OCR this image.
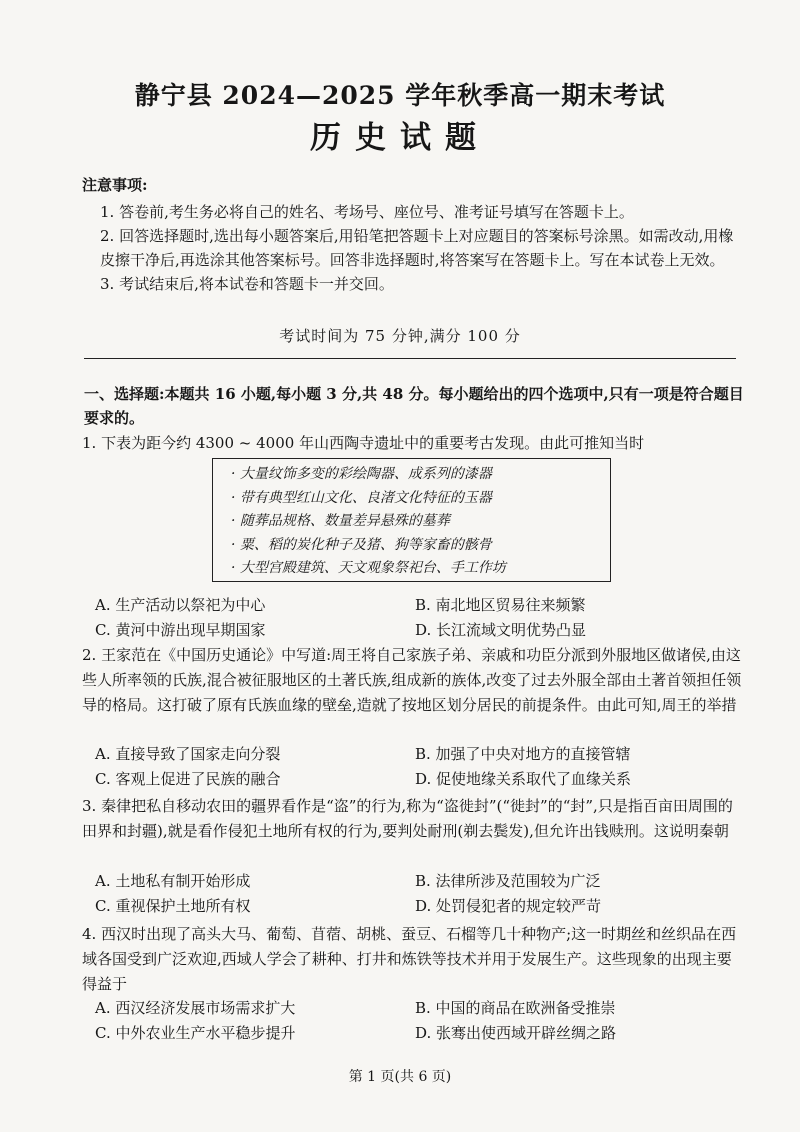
静宁县 2024—2025 学年秋季高一期末考试
历史试题
注意事项:

1. 答卷前,考生务必将自己的姓名、考场号、座位号、准考证号填写在答题卡上。

2. 回答选择题时,选出每小题答案后,用铅笔把答题卡上对应题目的答案标号涂黑。如需改动,用橡皮擦干净后,再选涂其他答案标号。回答非选择题时,将答案写在答题卡上。写在本试卷上无效。

3. 考试结束后,将本试卷和答题卡一并交回。

考试时间为 75 分钟,满分 100 分
一、选择题:本题共 16 小题,每小题 3 分,共 48 分。每小题给出的四个选项中,只有一项是符合题目要求的。
1. 下表为距今约 4300 ~ 4000 年山西陶寺遗址中的重要考古发现。由此可推知当时
· 大量纹饰多变的彩绘陶器、成系列的漆器
· 带有典型红山文化、良渚文化特征的玉器
· 随葬品规格、数量差异悬殊的墓葬
· 粟、稻的炭化种子及猪、狗等家畜的骸骨
· 大型宫殿建筑、天文观象祭祀台、手工作坊
A. 生产活动以祭祀为中心	B. 南北地区贸易往来频繁
C. 黄河中游出现早期国家	D. 长江流域文明优势凸显
2. 王家范在《中国历史通论》中写道:周王将自己家族子弟、亲戚和功臣分派到外服地区做诸侯,由这些人所率领的氏族,混合被征服地区的土著氏族,组成新的族体,改变了过去外服全部由土著首领担任领导的格局。这打破了原有氏族血缘的壁垒,造就了按地区划分居民的前提条件。由此可知,周王的举措
A. 直接导致了国家走向分裂	B. 加强了中央对地方的直接管辖
C. 客观上促进了民族的融合	D. 促使地缘关系取代了血缘关系
3. 秦律把私自移动农田的疆界看作是“盗”的行为,称为“盗徙封”(“徙封”的“封”,只是指百亩田周围的田界和封疆),就是看作侵犯土地所有权的行为,要判处耐刑(剃去鬓发),但允许出钱赎刑。这说明秦朝
A. 土地私有制开始形成	B. 法律所涉及范围较为广泛
C. 重视保护土地所有权	D. 处罚侵犯者的规定较严苛
4. 西汉时出现了高头大马、葡萄、苜蓿、胡桃、蚕豆、石榴等几十种物产;这一时期丝和丝织品在西域各国受到广泛欢迎,西域人学会了耕种、打井和炼铁等技术并用于发展生产。这些现象的出现主要得益于
A. 西汉经济发展市场需求扩大	B. 中国的商品在欧洲备受推崇
C. 中外农业生产水平稳步提升	D. 张骞出使西域开辟丝绸之路
第 1 页(共 6 页)
